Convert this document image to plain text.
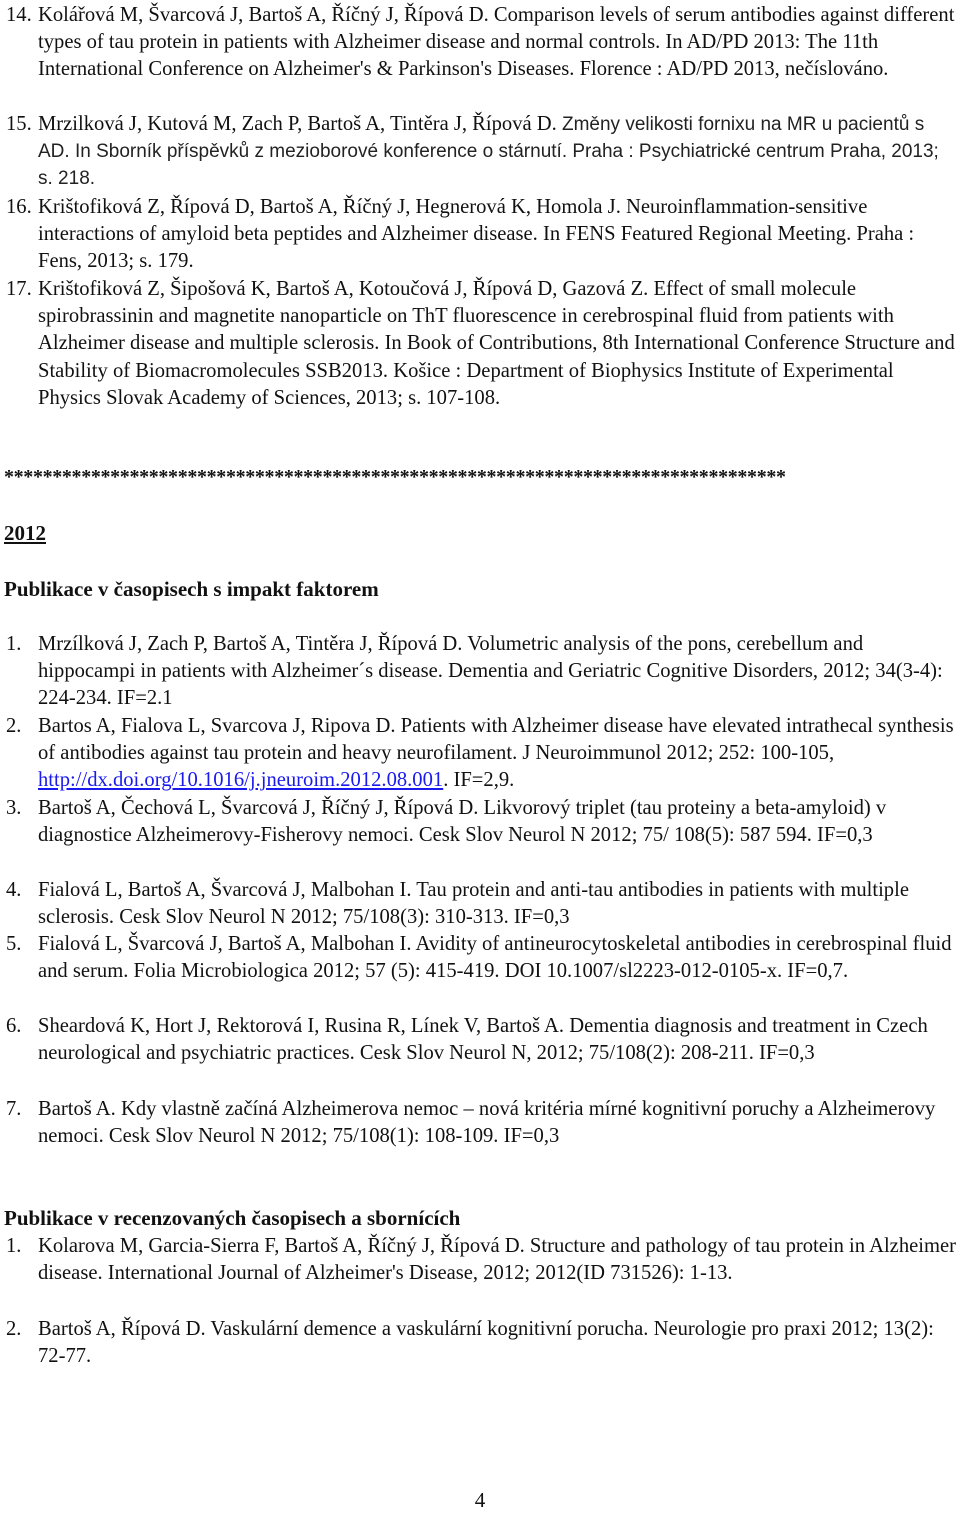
14. Kolářová M, Švarcová J, Bartoš A, Říčný J, Řípová D. Comparison levels of serum antibodies against different types of tau protein in patients with Alzheimer disease and normal controls. In AD/PD 2013: The 11th International Conference on Alzheimer's & Parkinson's Diseases. Florence : AD/PD 2013, nečíslováno.
15. Mrzilková J, Kutová M, Zach P, Bartoš A, Tintěra J, Řípová D. Změny velikosti fornixu na MR u pacientů s AD. In Sborník příspěvků z mezioborové konference o stárnutí. Praha : Psychiatrické centrum Praha, 2013; s. 218.
16. Krištofiková Z, Řípová D, Bartoš A, Říčný J, Hegnerová K, Homola J. Neuroinflammation-sensitive interactions of amyloid beta peptides and Alzheimer disease. In FENS Featured Regional Meeting. Praha : Fens, 2013; s. 179.
17. Krištofiková Z, Šipošová K, Bartoš A, Kotoučová J, Řípová D, Gazová Z. Effect of small molecule spirobrassinin and magnetite nanoparticle on ThT fluorescence in cerebrospinal fluid from patients with Alzheimer disease and multiple sclerosis. In Book of Contributions, 8th International Conference Structure and Stability of Biomacromolecules SSB2013. Košice : Department of Biophysics Institute of Experimental Physics Slovak Academy of Sciences, 2013; s. 107-108.
*********************************************************************************
2012
Publikace v časopisech s impakt faktorem
1. Mrzílková J, Zach P, Bartoš A, Tintěra J, Řípová D. Volumetric analysis of the pons, cerebellum and hippocampi in patients with Alzheimer´s disease. Dementia and Geriatric Cognitive Disorders, 2012; 34(3-4): 224-234. IF=2.1
2. Bartos A, Fialova L, Svarcova J, Ripova D. Patients with Alzheimer disease have elevated intrathecal synthesis of antibodies against tau protein and heavy neurofilament. J Neuroimmunol 2012; 252: 100-105, http://dx.doi.org/10.1016/j.jneuroim.2012.08.001. IF=2,9.
3. Bartoš A, Čechová L, Švarcová J, Říčný J, Řípová D. Likvorový triplet (tau proteiny a beta-amyloid) v diagnostice Alzheimerovy-Fisherovy nemoci. Cesk Slov Neurol N 2012; 75/ 108(5): 587 594. IF=0,3
4. Fialová L, Bartoš A, Švarcová J, Malbohan I. Tau protein and anti-tau antibodies in patients with multiple sclerosis. Cesk Slov Neurol N 2012; 75/108(3): 310-313. IF=0,3
5. Fialová L, Švarcová J, Bartoš A, Malbohan I. Avidity of antineurocytoskeletal antibodies in cerebrospinal fluid and serum. Folia Microbiologica 2012; 57 (5): 415-419. DOI 10.1007/sl2223-012-0105-x. IF=0,7.
6. Sheardová K, Hort J, Rektorová I, Rusina R, Línek V, Bartoš A. Dementia diagnosis and treatment in Czech neurological and psychiatric practices. Cesk Slov Neurol N, 2012; 75/108(2): 208-211. IF=0,3
7. Bartoš A. Kdy vlastně začíná Alzheimerova nemoc – nová kritéria mírné kognitivní poruchy a Alzheimerovy nemoci. Cesk Slov Neurol N 2012; 75/108(1): 108-109. IF=0,3
Publikace v recenzovaných časopisech a sbornících
1. Kolarova M, Garcia-Sierra F, Bartoš A, Říčný J, Řípová D. Structure and pathology of tau protein in Alzheimer disease. International Journal of Alzheimer's Disease, 2012; 2012(ID 731526): 1-13.
2. Bartoš A, Řípová D. Vaskulární demence a vaskulární kognitivní porucha. Neurologie pro praxi 2012; 13(2): 72-77.
4
